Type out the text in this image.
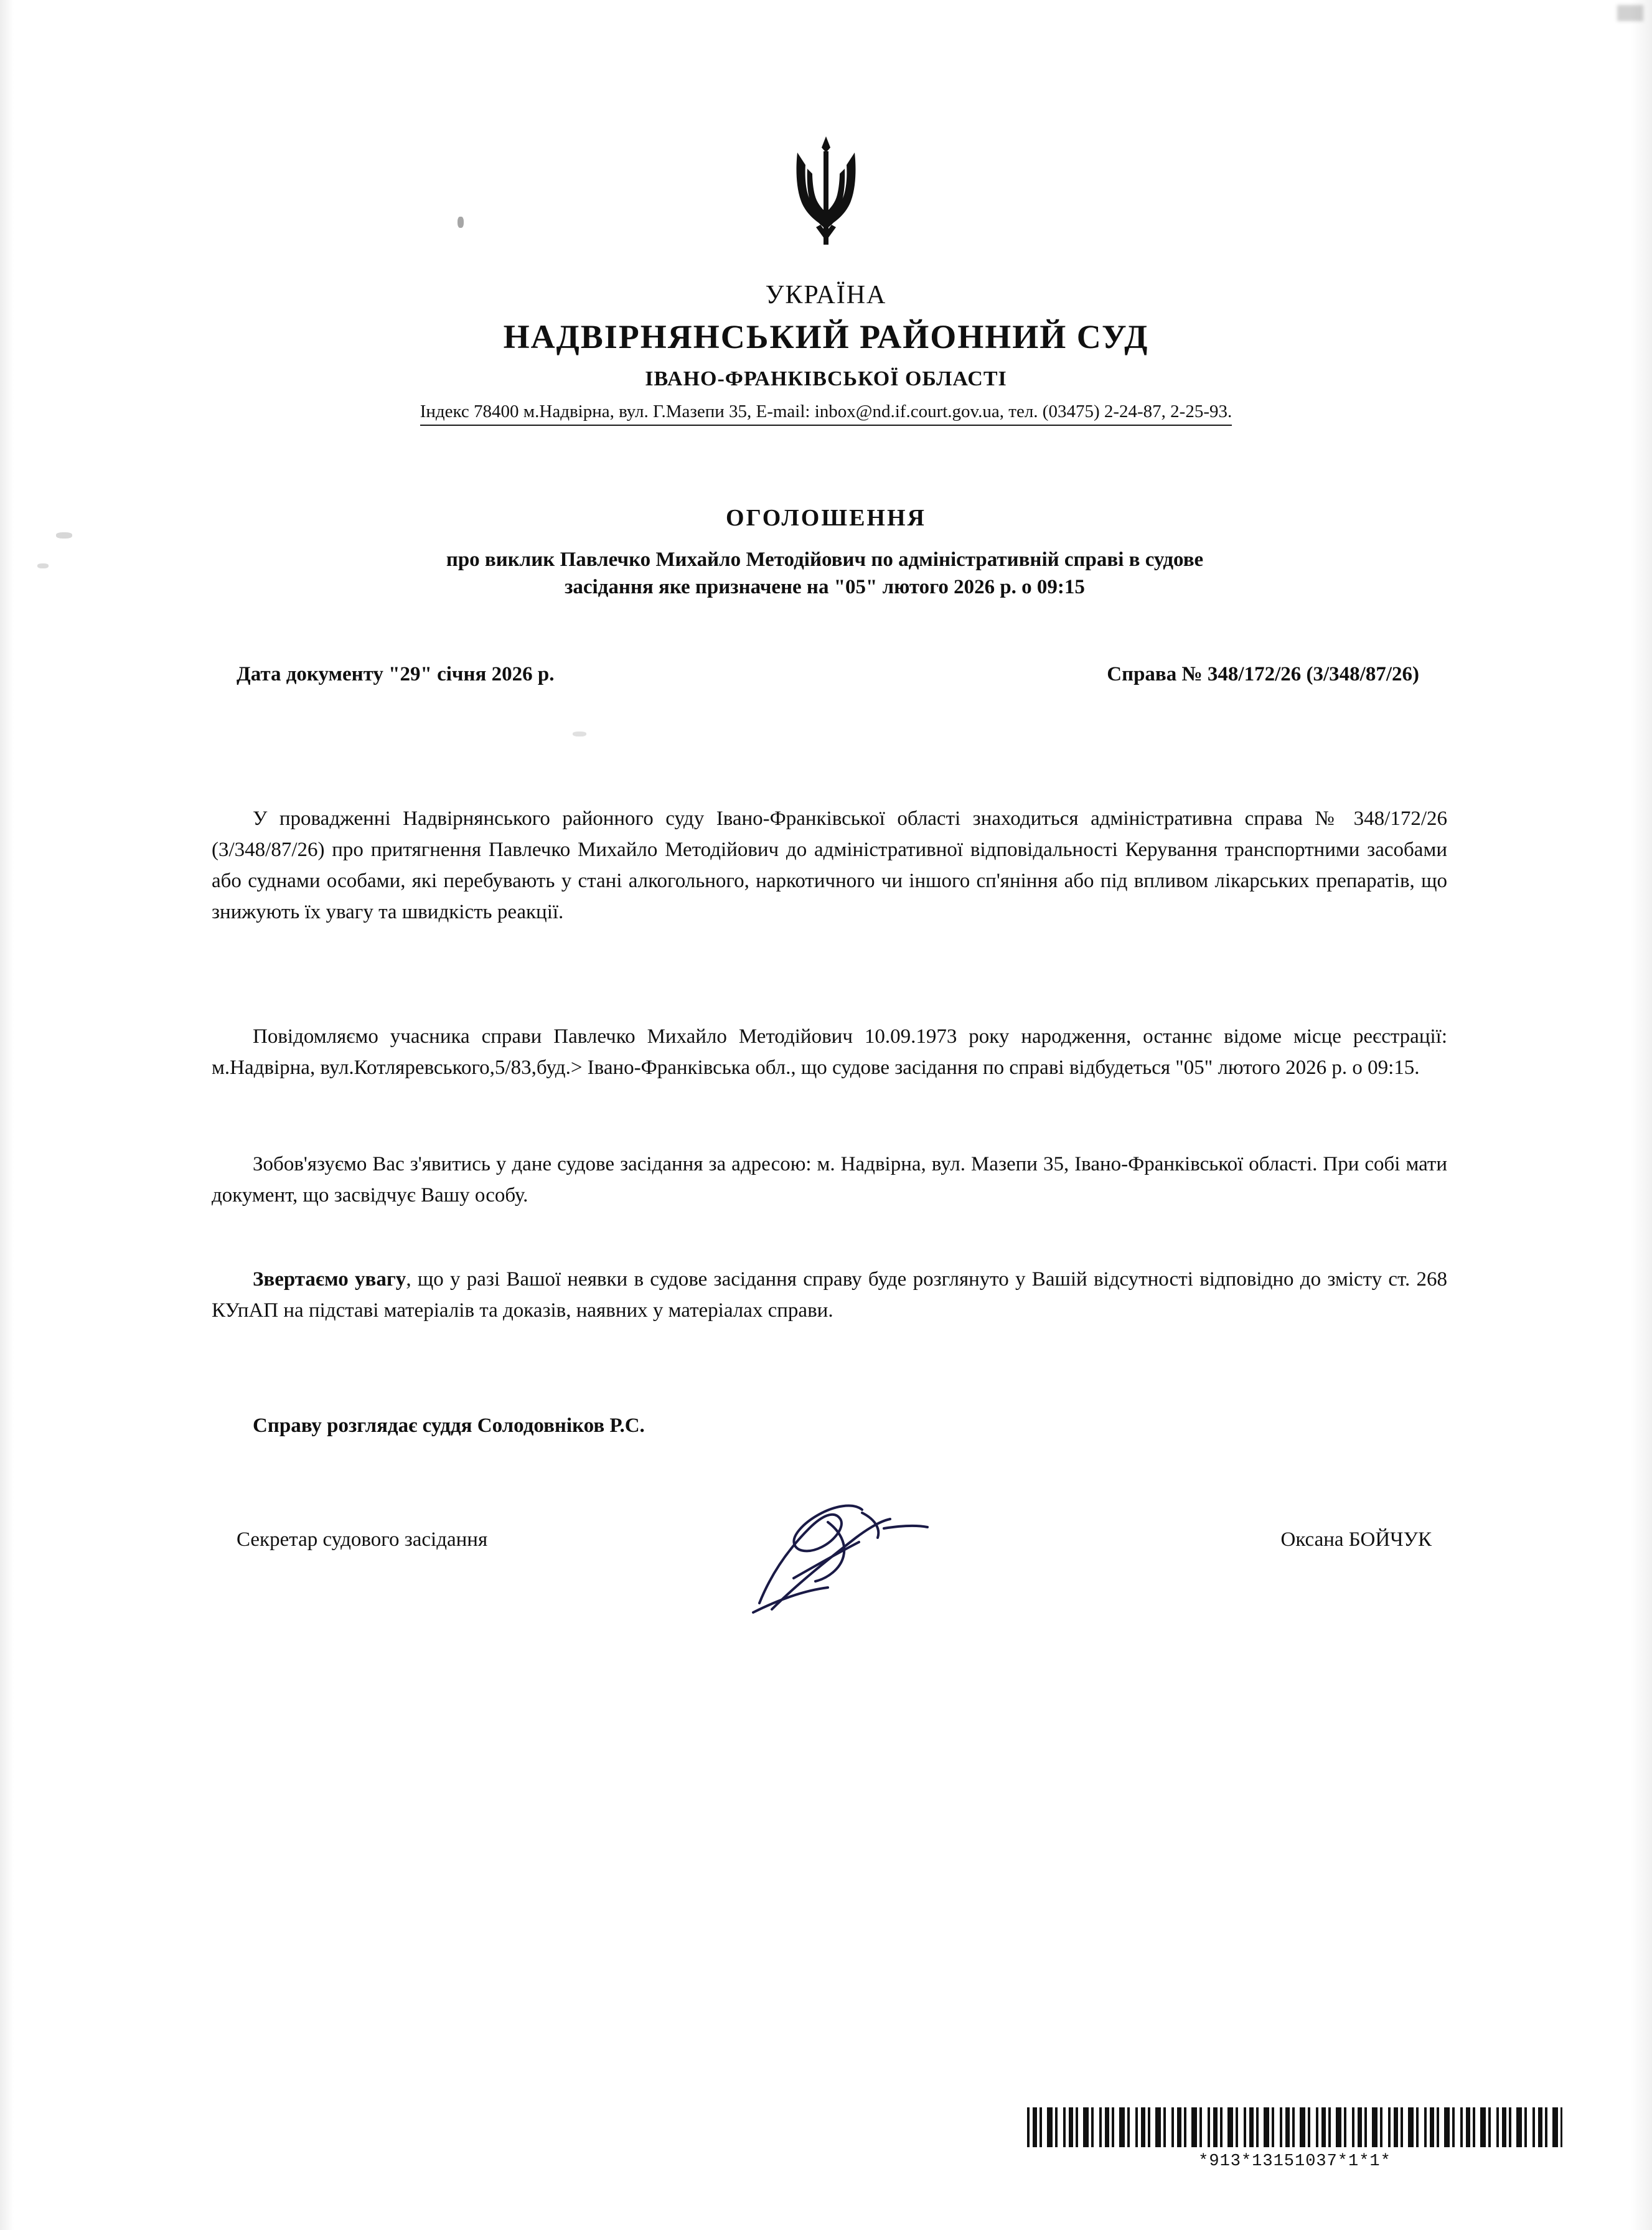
УКРАЇНА
НАДВІРНЯНСЬКИЙ РАЙОННИЙ СУД
ІВАНО-ФРАНКІВСЬКОЇ ОБЛАСТІ
Індекс 78400 м.Надвірна, вул. Г.Мазепи 35, E-mail: inbox@nd.if.court.gov.ua, тел. (03475) 2-24-87, 2-25-93.
ОГОЛОШЕННЯ
про виклик Павлечко Михайло Методійович по адміністративній справі в судове
засідання яке призначене на "05" лютого 2026 р. о 09:15
Дата документу "29" січня 2026 р.	Справа № 348/172/26 (3/348/87/26)

У провадженні Надвірнянського районного суду Івано-Франківської області знаходиться адміністративна справа № 348/172/26 (3/348/87/26) про притягнення Павлечко Михайло Методійович до адміністративної відповідальності Керування транспортними засобами або суднами особами, які перебувають у стані алкогольного, наркотичного чи іншого сп'яніння або під впливом лікарських препаратів, що знижують їх увагу та швидкість реакції.

Повідомляємо учасника справи Павлечко Михайло Методійович 10.09.1973 року народження, останнє відоме місце реєстрації: м.Надвірна, вул.Котляревського,5/83,буд.> Івано-Франківська обл., що судове засідання по справі відбудеться "05" лютого 2026 р. о 09:15.

Зобов'язуємо Вас з'явитись у дане судове засідання за адресою: м. Надвірна, вул. Мазепи 35, Івано-Франківської області. При собі мати документ, що засвідчує Вашу особу.

Звертаємо увагу, що у разі Вашої неявки в судове засідання справу буде розглянуто у Вашій відсутності відповідно до змісту ст. 268 КУпАП на підставі матеріалів та доказів, наявних у матеріалах справи.

Справу розглядає суддя Солодовніков Р.С.

Секретар судового засідання	Оксана БОЙЧУК
*913*13151037*1*1*
